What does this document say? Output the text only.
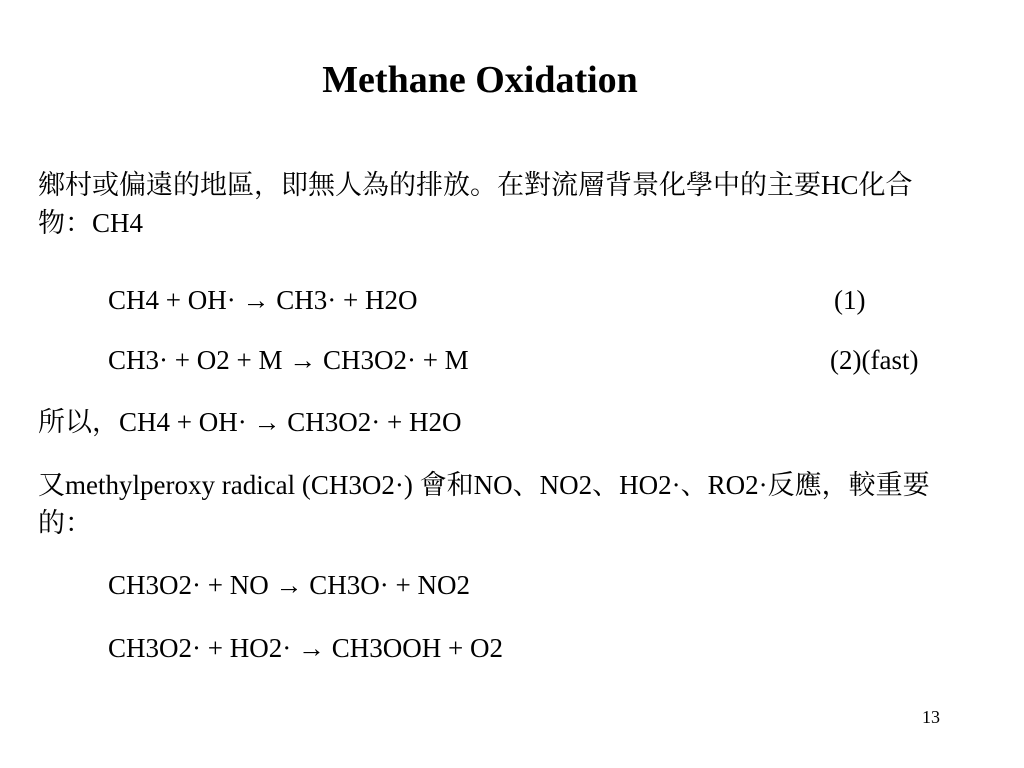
Methane Oxidation

鄉村或偏遠的地區，即無人為的排放。在對流層背景化學中的主要HC化合物：CH4

CH4 + OH· → CH3· + H2O	(1)
CH3· + O2 + M → CH3O2· + M	(2)(fast)

所以，CH4 + OH· → CH3O2· + H2O

又methylperoxy radical (CH3O2·) 會和NO、NO2、HO2·、RO2·反應，較重要的：

CH3O2· + NO → CH3O· + NO2
CH3O2· + HO2· → CH3OOH + O2
13
